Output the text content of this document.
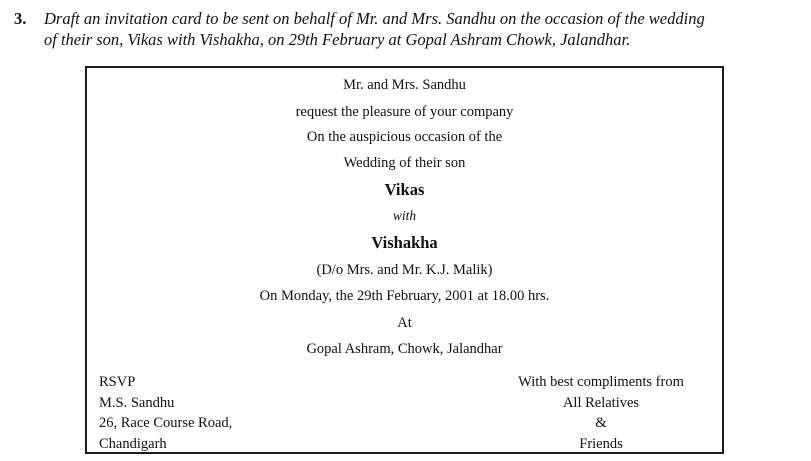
3. Draft an invitation card to be sent on behalf of Mr. and Mrs. Sandhu on the occasion of the wedding
of their son, Vikas with Vishakha, on 29th February at Gopal Ashram Chowk, Jalandhar.
Mr. and Mrs. Sandhu
request the pleasure of your company
On the auspicious occasion of the
Wedding of their son
Vikas
with
Vishakha
(D/o Mrs. and Mr. K.J. Malik)
On Monday, the 29th February, 2001 at 18.00 hrs.
At
Gopal Ashram, Chowk, Jalandhar
RSVP
M.S. Sandhu
26, Race Course Road,
Chandigarh
With best compliments from
All Relatives
&
Friends
